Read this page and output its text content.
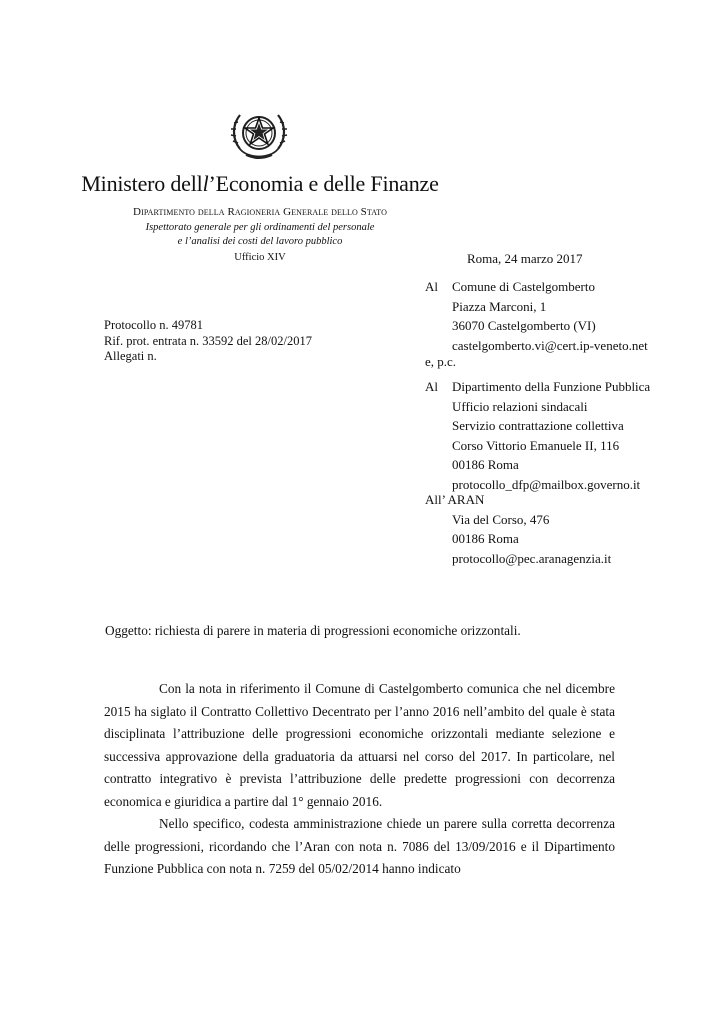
Ministero delll’Economia e delle Finanze
Dipartimento della Ragioneria Generale dello Stato
Ispettorato generale per gli ordinamenti del personale
e l’analisi dei costi del lavoro pubblico
Ufficio XIV	Roma, 24 marzo 2017
Protocollo n. 49781
Rif. prot. entrata n. 33592 del 28/02/2017
Allegati n.
Al Comune di Castelgomberto
Piazza Marconi, 1
36070 Castelgomberto (VI)
castelgomberto.vi@cert.ip-veneto.net
e, p.c.
Al Dipartimento della Funzione Pubblica
Ufficio relazioni sindacali
Servizio contrattazione collettiva
Corso Vittorio Emanuele II, 116
00186 Roma
protocollo_dfp@mailbox.governo.it
All’ ARAN
Via del Corso, 476
00186 Roma
protocollo@pec.aranagenzia.it
Oggetto: richiesta di parere in materia di progressioni economiche orizzontali.

Con la nota in riferimento il Comune di Castelgomberto comunica che nel dicembre 2015 ha siglato il Contratto Collettivo Decentrato per l’anno 2016 nell’ambito del quale è stata disciplinata l’attribuzione delle progressioni economiche orizzontali mediante selezione e successiva approvazione della graduatoria da attuarsi nel corso del 2017. In particolare, nel contratto integrativo è prevista l’attribuzione delle predette progressioni con decorrenza economica e giuridica a partire dal 1° gennaio 2016.

Nello specifico, codesta amministrazione chiede un parere sulla corretta decorrenza delle progressioni, ricordando che l’Aran con nota n. 7086 del 13/09/2016 e il Dipartimento Funzione Pubblica con nota n. 7259 del 05/02/2014 hanno indicato
